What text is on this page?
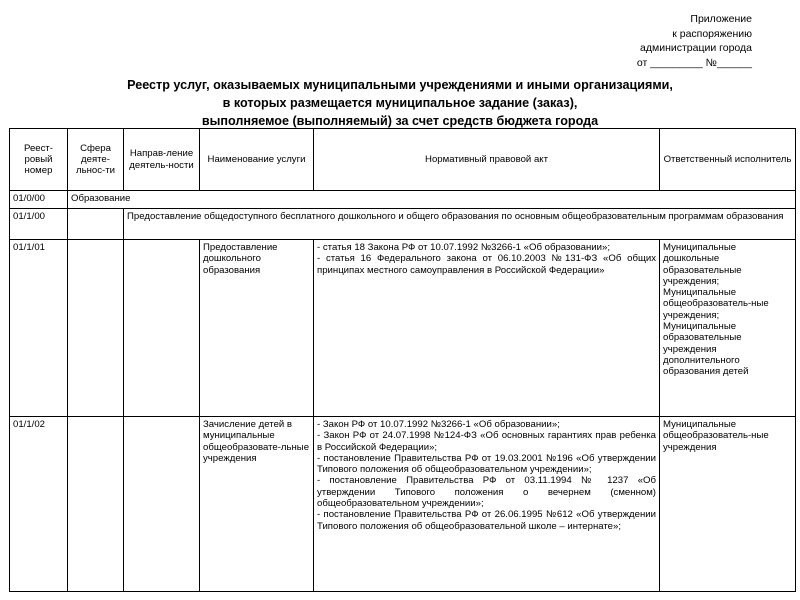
Приложение
к распоряжению
администрации города
от _________ №______
Реестр услуг, оказываемых муниципальными учреждениями и иными организациями,
в которых размещается муниципальное задание (заказ),
выполняемое (выполняемый) за счет средств бюджета города
Реест-ровый номер	Сфера деяте-льнос-ти	Направ-ление деятель-ности	Наименование услуги	Нормативный правовой акт	Ответственный исполнитель
01/0/00	Образование				
01/1/00		Предоставление общедоступного бесплатного дошкольного и общего образования по основным общеобразовательным программам образования			
01/1/01			Предоставление дошкольного образования	- статья 18 Закона РФ от 10.07.1992 №3266-1 «Об образовании»;
- статья 16 Федерального закона от 06.10.2003 №131-ФЗ «Об общих принципах местного самоуправления в Российской Федерации»	Муниципальные дошкольные образовательные учреждения;
Муниципальные общеобразователь-ные учреждения;
Муниципальные образовательные учреждения дополнительного образования детей

01/1/02			Зачисление детей в муниципальные общеобразовате-льные учреждения	- Закон РФ от 10.07.1992 №3266-1 «Об образовании»;
- Закон РФ от 24.07.1998 №124-ФЗ «Об основных гарантиях прав ребенка в Российской Федерации»;
- постановление Правительства РФ от 19.03.2001 №196 «Об утверждении Типового положения об общеобразовательном учреждении»;
- постановление Правительства РФ от 03.11.1994 № 1237 «Об утверждении Типового положения о вечернем (сменном) общеобразовательном учреждении»;
- постановление Правительства РФ от 26.06.1995 №612 «Об утверждении Типового положения об общеобразовательной школе – интернате»;	Муниципальные общеобразователь-ные учреждения
